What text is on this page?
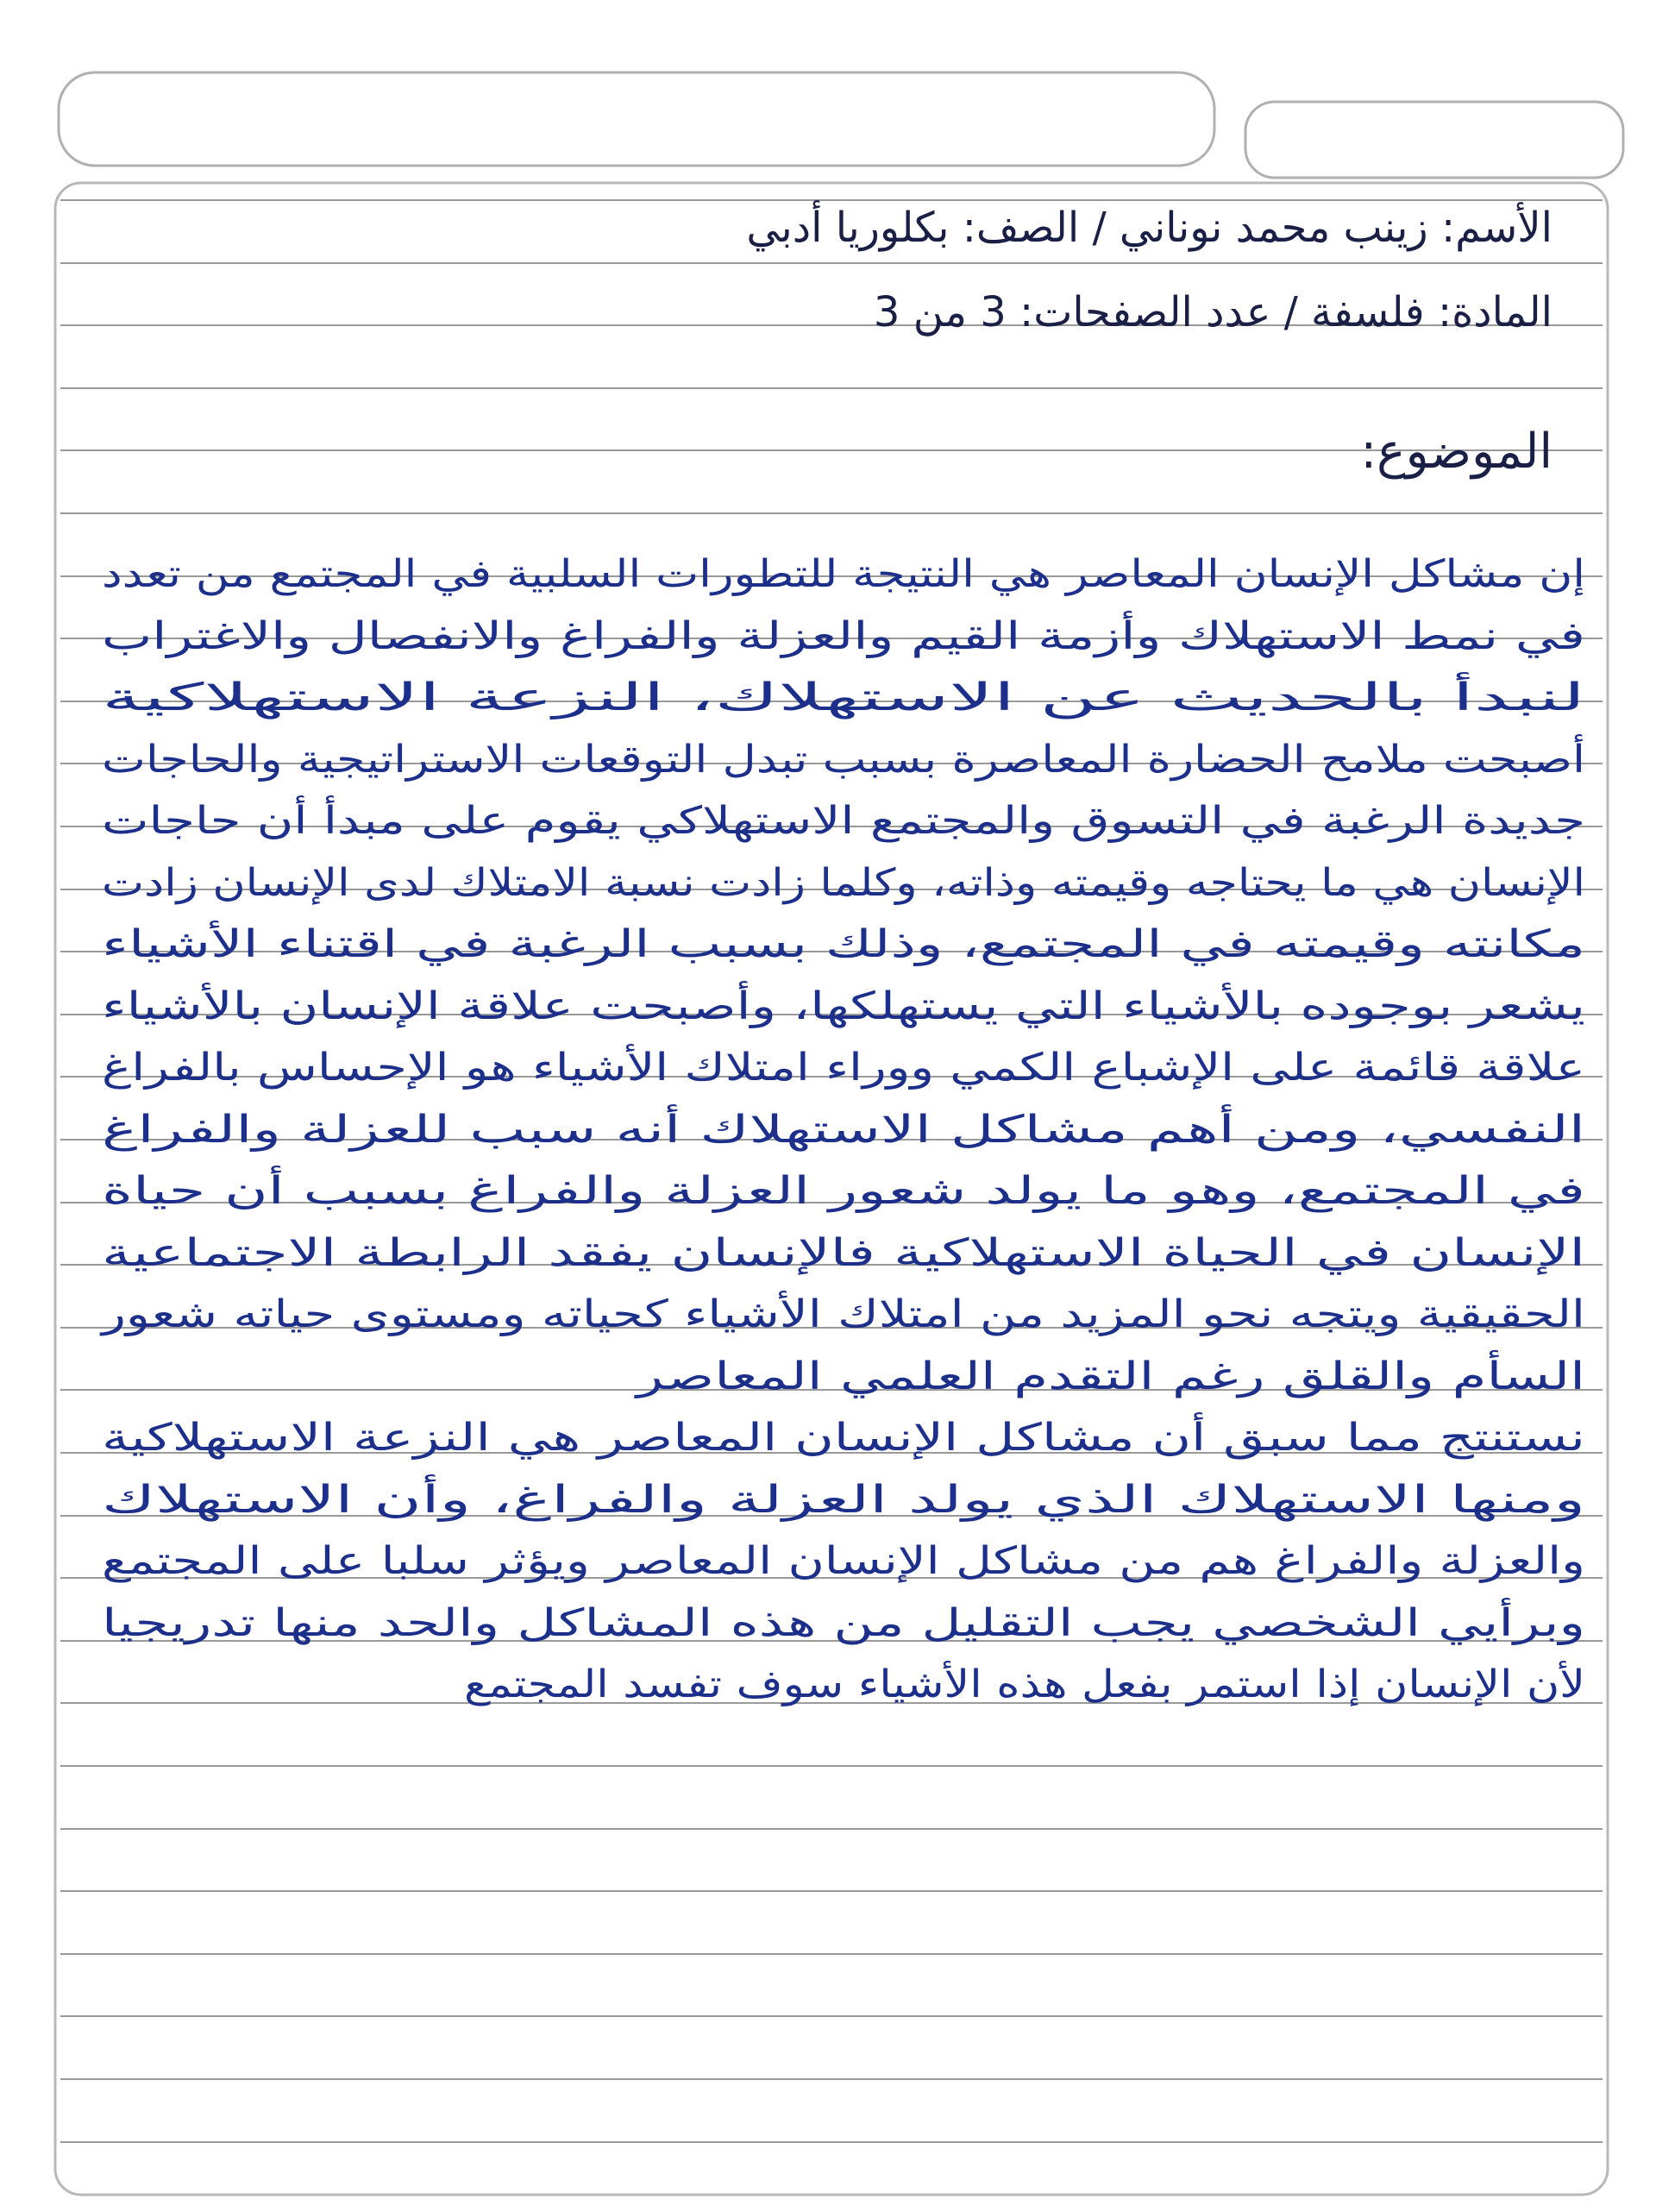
الأسم: زينب محمد نوناني / الصف: بكلوريا أدبي
المادة: فلسفة / عدد الصفحات: 3 من 3
الموضوع:
إن مشاكل الإنسان المعاصر هي النتيجة للتطورات السلبية في المجتمع من تعدد
في نمط الاستهلاك وأزمة القيم والعزلة والفراغ والانفصال والاغتراب
لنبدأ بالحديث عن الاستهلاك، النزعة الاستهلاكية
أصبحت ملامح الحضارة المعاصرة بسبب تبدل التوقعات الاستراتيجية والحاجات
جديدة الرغبة في التسوق والمجتمع الاستهلاكي يقوم على مبدأ أن حاجات
الإنسان هي ما يحتاجه وقيمته وذاته، وكلما زادت نسبة الامتلاك لدى الإنسان زادت
مكانته وقيمته في المجتمع، وذلك بسبب الرغبة في اقتناء الأشياء
يشعر بوجوده بالأشياء التي يستهلكها، وأصبحت علاقة الإنسان بالأشياء
علاقة قائمة على الإشباع الكمي ووراء امتلاك الأشياء هو الإحساس بالفراغ
النفسي، ومن أهم مشاكل الاستهلاك أنه سبب للعزلة والفراغ
في المجتمع، وهو ما يولد شعور العزلة والفراغ بسبب أن حياة
الإنسان في الحياة الاستهلاكية فالإنسان يفقد الرابطة الاجتماعية
الحقيقية ويتجه نحو المزيد من امتلاك الأشياء كحياته ومستوى حياته شعور
السأم والقلق رغم التقدم العلمي المعاصر
نستنتج مما سبق أن مشاكل الإنسان المعاصر هي النزعة الاستهلاكية
ومنها الاستهلاك الذي يولد العزلة والفراغ، وأن الاستهلاك
والعزلة والفراغ هم من مشاكل الإنسان المعاصر ويؤثر سلبا على المجتمع
وبرأيي الشخصي يجب التقليل من هذه المشاكل والحد منها تدريجيا
لأن الإنسان إذا استمر بفعل هذه الأشياء سوف تفسد المجتمع
